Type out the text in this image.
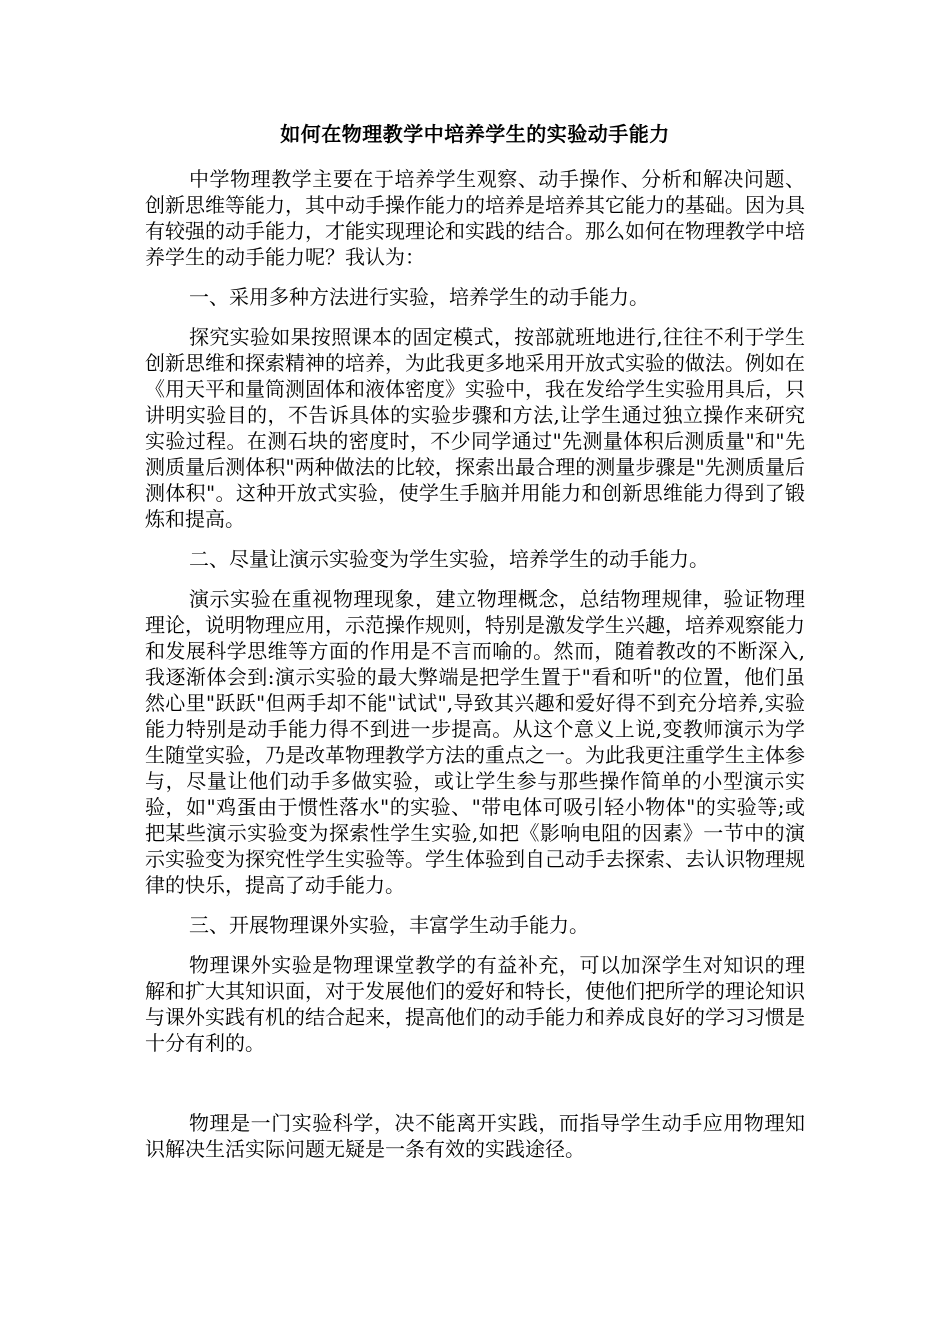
如何在物理教学中培养学生的实验动手能力

中学物理教学主要在于培养学生观察、动手操作、分析和解决问题、创新思维等能力，其中动手操作能力的培养是培养其它能力的基础。因为具有较强的动手能力，才能实现理论和实践的结合。那么如何在物理教学中培养学生的动手能力呢？我认为：

一、采用多种方法进行实验，培养学生的动手能力。

探究实验如果按照课本的固定模式，按部就班地进行,往往不利于学生创新思维和探索精神的培养，为此我更多地采用开放式实验的做法。例如在《用天平和量筒测固体和液体密度》实验中，我在发给学生实验用具后，只讲明实验目的，不告诉具体的实验步骤和方法,让学生通过独立操作来研究实验过程。在测石块的密度时，不少同学通过"先测量体积后测质量"和"先测质量后测体积"两种做法的比较，探索出最合理的测量步骤是"先测质量后测体积"。这种开放式实验，使学生手脑并用能力和创新思维能力得到了锻炼和提高。

二、尽量让演示实验变为学生实验，培养学生的动手能力。

演示实验在重视物理现象，建立物理概念，总结物理规律，验证物理理论，说明物理应用，示范操作规则，特别是激发学生兴趣，培养观察能力和发展科学思维等方面的作用是不言而喻的。然而，随着教改的不断深入,我逐渐体会到:演示实验的最大弊端是把学生置于"看和听"的位置，他们虽然心里"跃跃"但两手却不能"试试",导致其兴趣和爱好得不到充分培养,实验能力特别是动手能力得不到进一步提高。从这个意义上说,变教师演示为学生随堂实验，乃是改革物理教学方法的重点之一。为此我更注重学生主体参与，尽量让他们动手多做实验，或让学生参与那些操作简单的小型演示实验，如"鸡蛋由于惯性落水"的实验、"带电体可吸引轻小物体"的实验等;或把某些演示实验变为探索性学生实验,如把《影响电阻的因素》一节中的演示实验变为探究性学生实验等。学生体验到自己动手去探索、去认识物理规律的快乐，提高了动手能力。

三、开展物理课外实验，丰富学生动手能力。

物理课外实验是物理课堂教学的有益补充，可以加深学生对知识的理解和扩大其知识面，对于发展他们的爱好和特长，使他们把所学的理论知识与课外实践有机的结合起来，提高他们的动手能力和养成良好的学习习惯是十分有利的。

物理是一门实验科学，决不能离开实践，而指导学生动手应用物理知识解决生活实际问题无疑是一条有效的实践途径。
